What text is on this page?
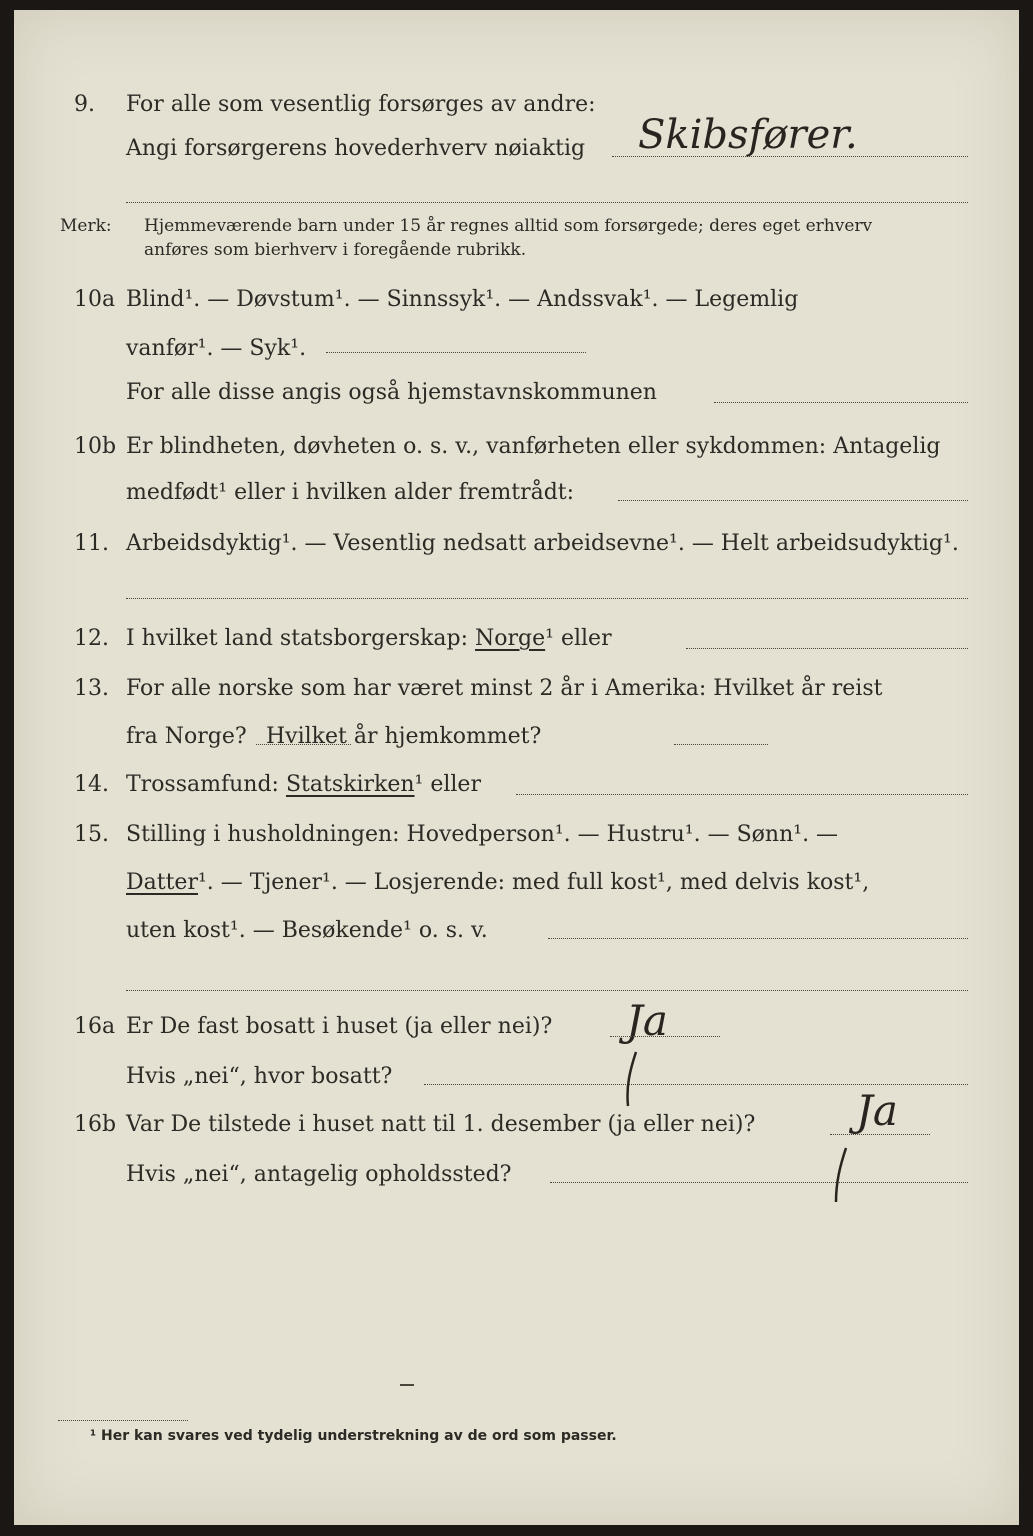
9. For alle som vesentlig forsørges av andre:
Angi forsørgerens hovederhverv nøiaktig Skibsfører.
Merk: Hjemmeværende barn under 15 år regnes alltid som forsørgede; deres eget erhverv
anføres som bierhverv i foregående rubrikk.
10a Blind¹. — Døvstum¹. — Sinnssyk¹. — Andssvak¹. — Legemlig
vanfør¹. — Syk¹.
For alle disse angis også hjemstavnskommunen
10b Er blindheten, døvheten o. s. v., vanførheten eller sykdommen: Antagelig
medfødt¹ eller i hvilken alder fremtrådt:
11. Arbeidsdyktig¹. — Vesentlig nedsatt arbeidsevne¹. — Helt arbeidsudyktig¹.
12. I hvilket land statsborgerskap: Norge¹ eller
13. For alle norske som har været minst 2 år i Amerika: Hvilket år reist
fra Norge? Hvilket år hjemkommet?
14. Trossamfund: Statskirken¹ eller
15. Stilling i husholdningen: Hovedperson¹. — Hustru¹. — Sønn¹. —
Datter¹. — Tjener¹. — Losjerende: med full kost¹, med delvis kost¹,
uten kost¹. — Besøkende¹ o. s. v.
16a Er De fast bosatt i huset (ja eller nei)? Ja
Hvis „nei“, hvor bosatt?
16b Var De tilstede i huset natt til 1. desember (ja eller nei)? Ja
Hvis „nei“, antagelig opholdssted?
¹ Her kan svares ved tydelig understrekning av de ord som passer.
